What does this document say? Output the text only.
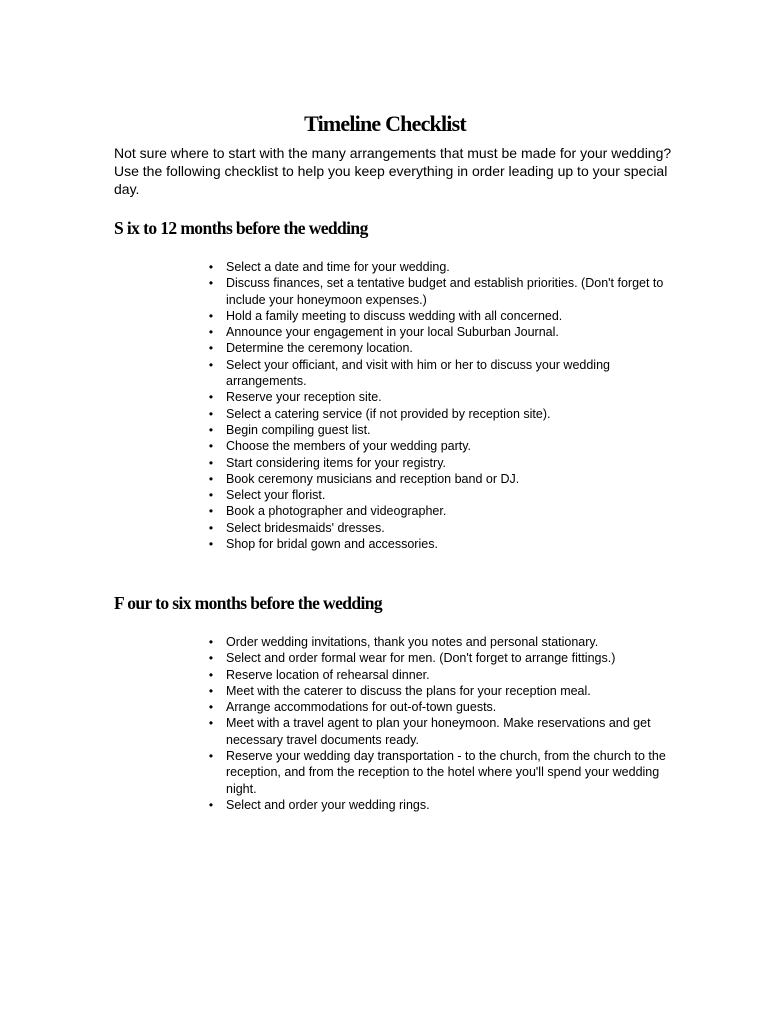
Timeline Checklist

Not sure where to start with the many arrangements that must be made for your wedding? Use the following checklist to help you keep everything in order leading up to your special day.

S ix to 12 months before the wedding
• Select a date and time for your wedding.
• Discuss finances, set a tentative budget and establish priorities. (Don't forget to include your honeymoon expenses.)
• Hold a family meeting to discuss wedding with all concerned.
• Announce your engagement in your local Suburban Journal.
• Determine the ceremony location.
• Select your officiant, and visit with him or her to discuss your wedding arrangements.
• Reserve your reception site.
• Select a catering service (if not provided by reception site).
• Begin compiling guest list.
• Choose the members of your wedding party.
• Start considering items for your registry.
• Book ceremony musicians and reception band or DJ.
• Select your florist.
• Book a photographer and videographer.
• Select bridesmaids' dresses.
• Shop for bridal gown and accessories.
F our to six months before the wedding
• Order wedding invitations, thank you notes and personal stationary.
• Select and order formal wear for men. (Don't forget to arrange fittings.)
• Reserve location of rehearsal dinner.
• Meet with the caterer to discuss the plans for your reception meal.
• Arrange accommodations for out-of-town guests.
• Meet with a travel agent to plan your honeymoon. Make reservations and get necessary travel documents ready.
• Reserve your wedding day transportation - to the church, from the church to the reception, and from the reception to the hotel where you'll spend your wedding night.
• Select and order your wedding rings.
